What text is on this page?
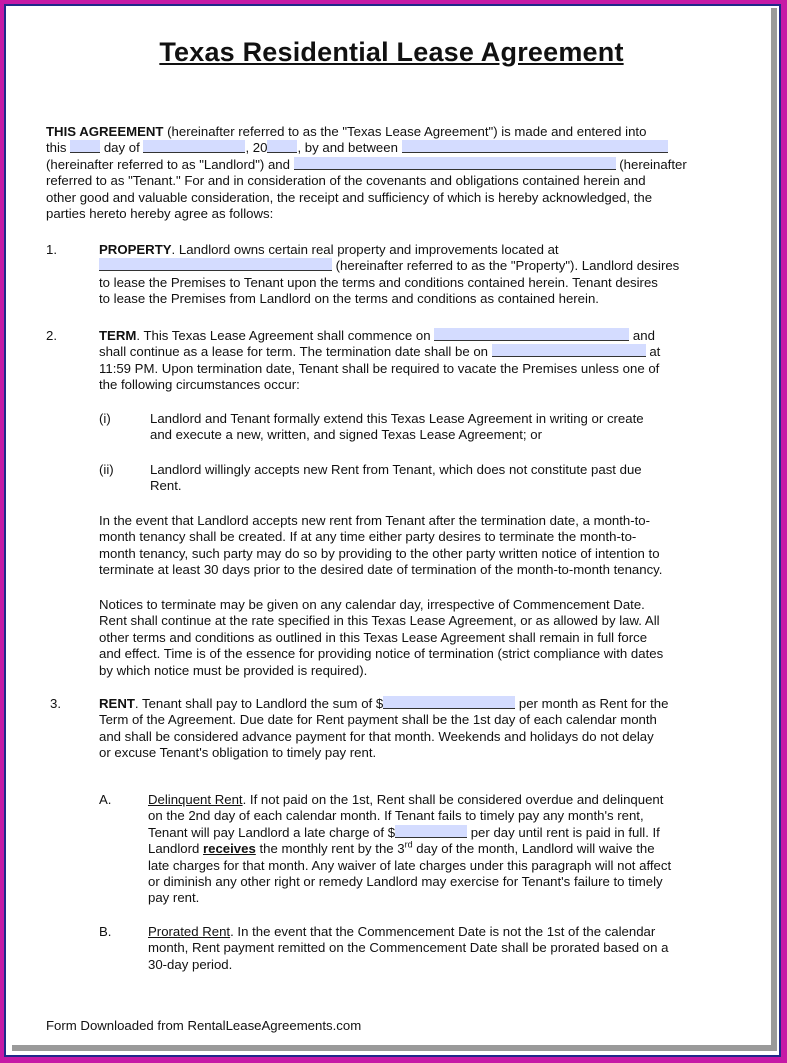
Texas Residential Lease Agreement
THIS AGREEMENT (hereinafter referred to as the "Texas Lease Agreement") is made and entered into
this  day of	, 20 , by and between
(hereinafter referred to as "Landlord") and	(hereinafter
referred to as "Tenant." For and in consideration of the covenants and obligations contained herein and
other good and valuable consideration, the receipt and sufficiency of which is hereby acknowledged, the
parties hereto hereby agree as follows:
1.	PROPERTY. Landlord owns certain real property and improvements located at
(hereinafter referred to as the "Property"). Landlord desires
to lease the Premises to Tenant upon the terms and conditions contained herein. Tenant desires
to lease the Premises from Landlord on the terms and conditions as contained herein.
2.	TERM. This Texas Lease Agreement shall commence on	and
shall continue as a lease for term. The termination date shall be on	at
11:59 PM. Upon termination date, Tenant shall be required to vacate the Premises unless one of
the following circumstances occur:
(i)	Landlord and Tenant formally extend this Texas Lease Agreement in writing or create
and execute a new, written, and signed Texas Lease Agreement; or
(ii)	Landlord willingly accepts new Rent from Tenant, which does not constitute past due
Rent.
In the event that Landlord accepts new rent from Tenant after the termination date, a month-to-
month tenancy shall be created. If at any time either party desires to terminate the month-to-
month tenancy, such party may do so by providing to the other party written notice of intention to
terminate at least 30 days prior to the desired date of termination of the month-to-month tenancy.
Notices to terminate may be given on any calendar day, irrespective of Commencement Date.
Rent shall continue at the rate specified in this Texas Lease Agreement, or as allowed by law. All
other terms and conditions as outlined in this Texas Lease Agreement shall remain in full force
and effect. Time is of the essence for providing notice of termination (strict compliance with dates
by which notice must be provided is required).
3.	RENT. Tenant shall pay to Landlord the sum of $	per month as Rent for the
Term of the Agreement. Due date for Rent payment shall be the 1st day of each calendar month
and shall be considered advance payment for that month. Weekends and holidays do not delay
or excuse Tenant's obligation to timely pay rent.
A.	Delinquent Rent. If not paid on the 1st, Rent shall be considered overdue and delinquent
on the 2nd day of each calendar month. If Tenant fails to timely pay any month's rent,
Tenant will pay Landlord a late charge of $	per day until rent is paid in full. If
Landlord receives the monthly rent by the 3rd day of the month, Landlord will waive the
late charges for that month. Any waiver of late charges under this paragraph will not affect
or diminish any other right or remedy Landlord may exercise for Tenant's failure to timely
pay rent.
B.	Prorated Rent. In the event that the Commencement Date is not the 1st of the calendar
month, Rent payment remitted on the Commencement Date shall be prorated based on a
30-day period.
Form Downloaded from RentalLeaseAgreements.com
